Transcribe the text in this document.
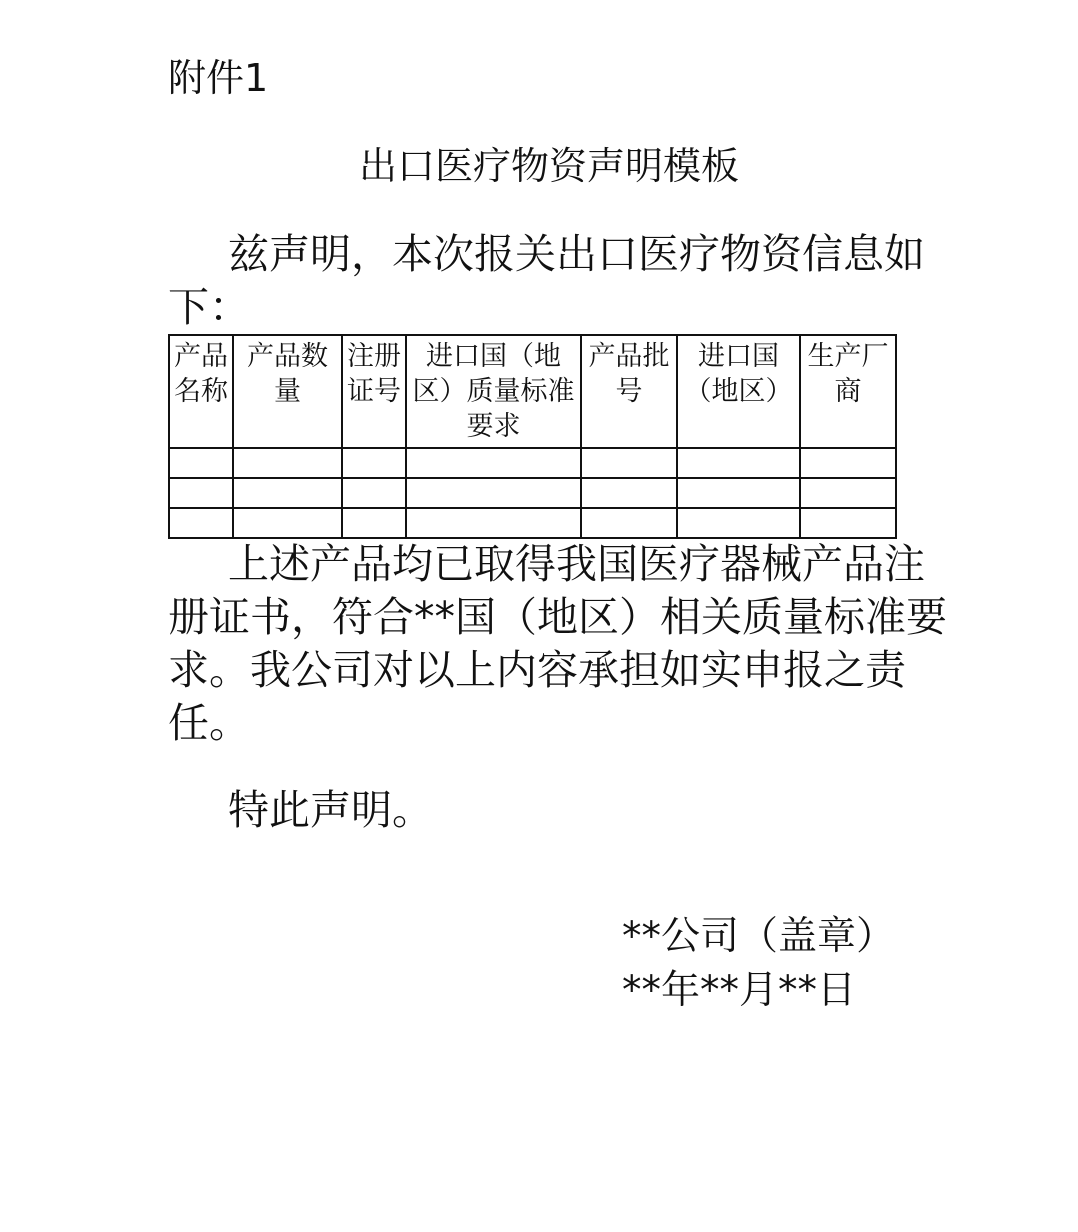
附件1
出口医疗物资声明模板
兹声明，本次报关出口医疗物资信息如下：
产品名称	产品数量	注册证号	进口国（地区）质量标准要求	产品批号	进口国（地区）	生产厂商

上述产品均已取得我国医疗器械产品注册证书，符合**国（地区）相关质量标准要求。我公司对以上内容承担如实申报之责任。
特此声明。
**公司（盖章）
**年**月**日
